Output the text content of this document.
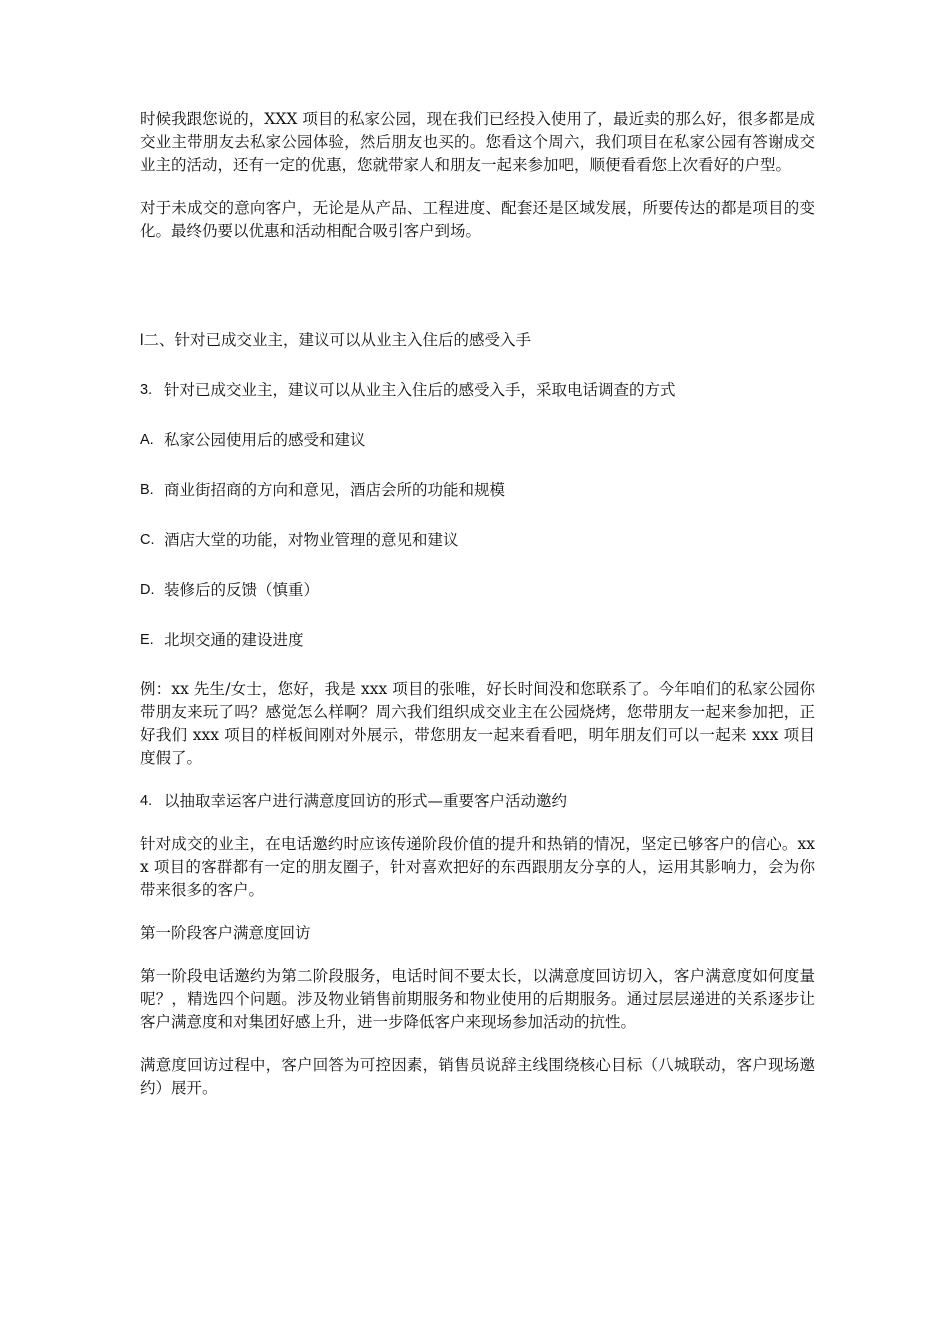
时候我跟您说的，XXX 项目的私家公园，现在我们已经投入使用了，最近卖的那么好，很多都是成交业主带朋友去私家公园体验，然后朋友也买的。您看这个周六，我们项目在私家公园有答谢成交业主的活动，还有一定的优惠，您就带家人和朋友一起来参加吧，顺便看看您上次看好的户型。

对于未成交的意向客户，无论是从产品、工程进度、配套还是区域发展，所要传达的都是项目的变化。最终仍要以优惠和活动相配合吸引客户到场。

l二、针对已成交业主，建议可以从业主入住后的感受入手

3. 针对已成交业主，建议可以从业主入住后的感受入手，采取电话调查的方式
A. 私家公园使用后的感受和建议
B. 商业街招商的方向和意见，酒店会所的功能和规模
C. 酒店大堂的功能，对物业管理的意见和建议
D. 装修后的反馈（慎重）
E. 北坝交通的建设进度

例：xx 先生/女士，您好，我是 xxx 项目的张唯，好长时间没和您联系了。今年咱们的私家公园你带朋友来玩了吗？感觉怎么样啊？周六我们组织成交业主在公园烧烤，您带朋友一起来参加把，正好我们 xxx 项目的样板间刚对外展示，带您朋友一起来看看吧，明年朋友们可以一起来 xxx 项目度假了。

4. 以抽取幸运客户进行满意度回访的形式—重要客户活动邀约

针对成交的业主，在电话邀约时应该传递阶段价值的提升和热销的情况，坚定已够客户的信心。xxx 项目的客群都有一定的朋友圈子，针对喜欢把好的东西跟朋友分享的人，运用其影响力，会为你带来很多的客户。

第一阶段客户满意度回访

第一阶段电话邀约为第二阶段服务，电话时间不要太长，以满意度回访切入，客户满意度如何度量呢？，精选四个问题。涉及物业销售前期服务和物业使用的后期服务。通过层层递进的关系逐步让客户满意度和对集团好感上升，进一步降低客户来现场参加活动的抗性。

满意度回访过程中，客户回答为可控因素，销售员说辞主线围绕核心目标（八城联动，客户现场邀约）展开。
